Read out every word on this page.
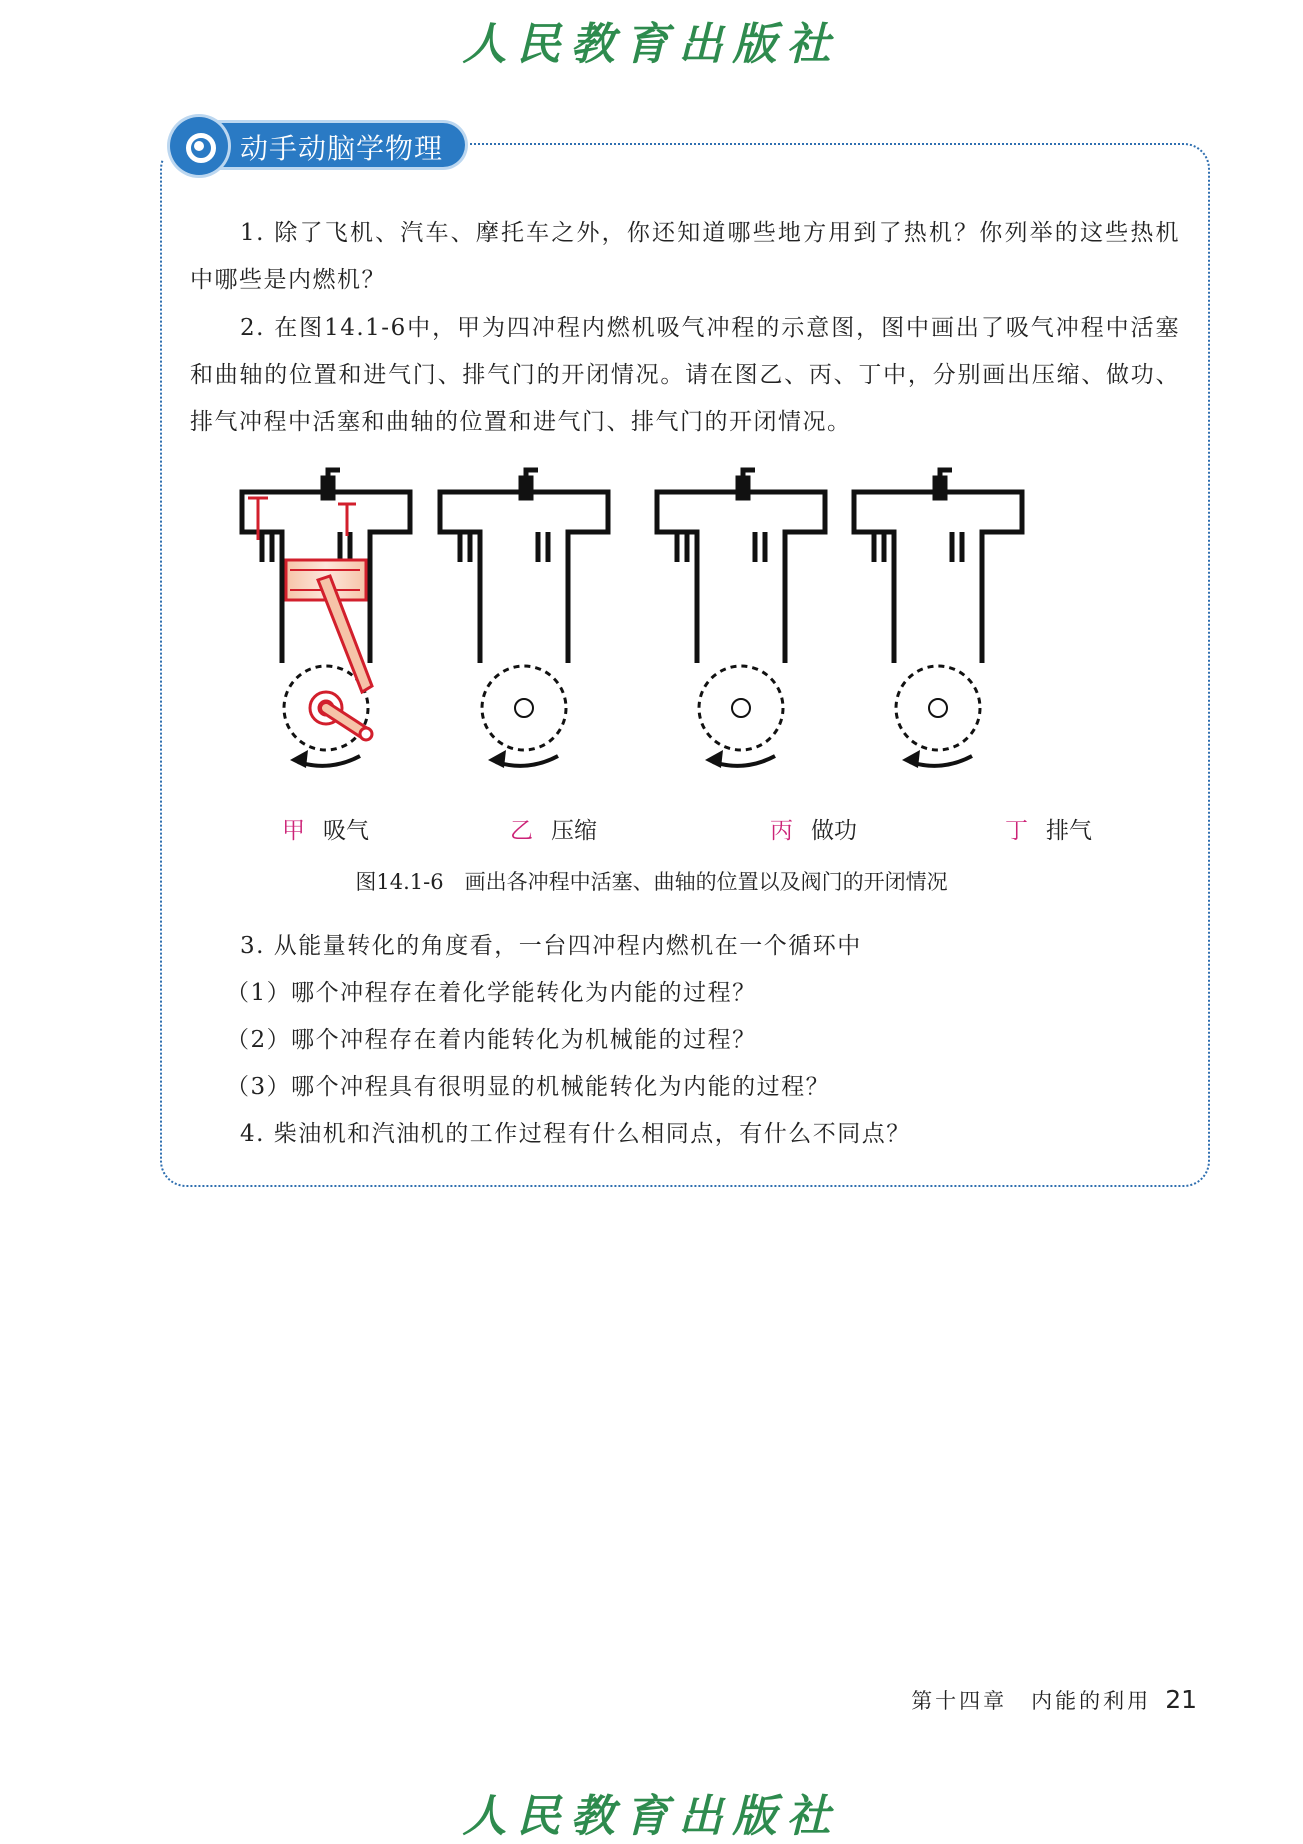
人民教育出版社
动手动脑学物理
1. 除了飞机、汽车、摩托车之外，你还知道哪些地方用到了热机？你列举的这些热机中哪些是内燃机？
2. 在图14.1-6中，甲为四冲程内燃机吸气冲程的示意图，图中画出了吸气冲程中活塞和曲轴的位置和进气门、排气门的开闭情况。请在图乙、丙、丁中，分别画出压缩、做功、排气冲程中活塞和曲轴的位置和进气门、排气门的开闭情况。
甲 吸气	乙 压缩	丙 做功	丁 排气
图14.1-6　画出各冲程中活塞、曲轴的位置以及阀门的开闭情况
3. 从能量转化的角度看，一台四冲程内燃机在一个循环中
（1）哪个冲程存在着化学能转化为内能的过程？
（2）哪个冲程存在着内能转化为机械能的过程？
（3）哪个冲程具有很明显的机械能转化为内能的过程？
4. 柴油机和汽油机的工作过程有什么相同点，有什么不同点？
第十四章　内能的利用 21
人民教育出版社
